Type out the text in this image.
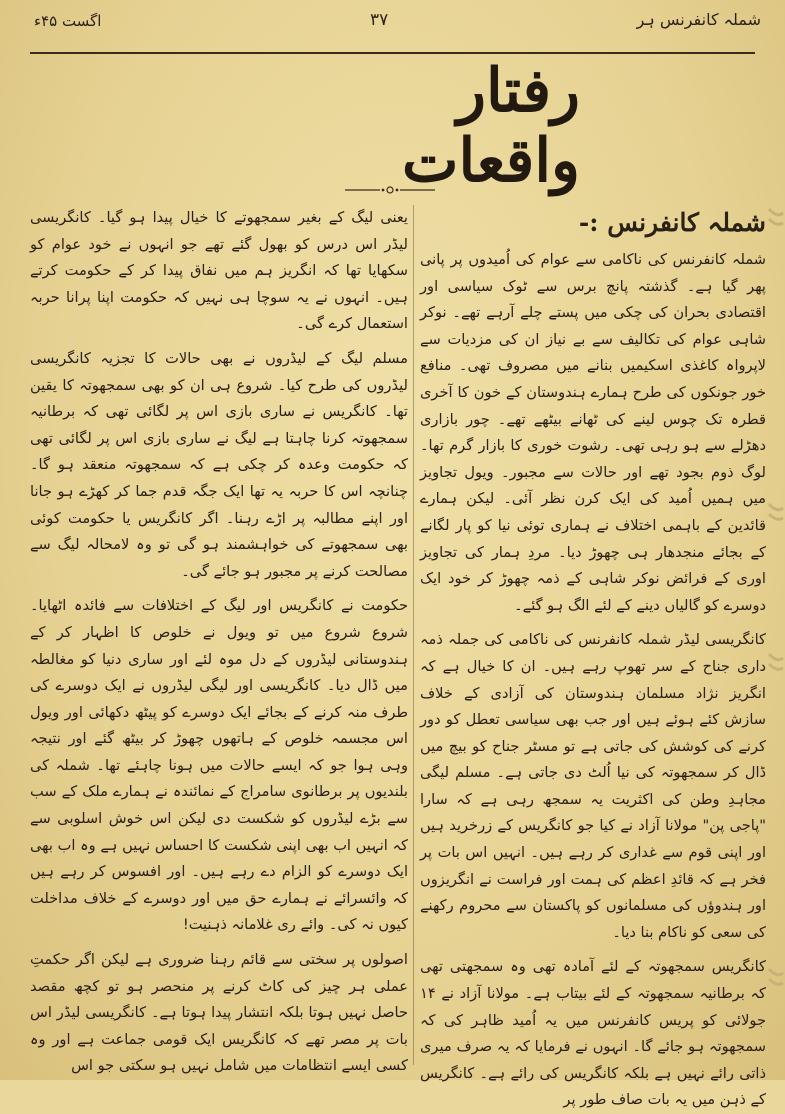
شملہ کانفرنس ہر
۳۷
اگست ۴۵ء
رفتار واقعات
شملہ کانفرنس :-

شملہ کانفرنس کی ناکامی سے عوام کی اُمیدوں پر پانی پھر گیا ہے۔ گذشتہ پانچ برس سے ٹوک سیاسی اور اقتصادی بحران کی چکی میں پستے چلے آرہے تھے۔ نوکر شاہی عوام کی تکالیف سے بے نیاز ان کی مزدیات سے لاپرواہ کاغذی اسکیمیں بنانے میں مصروف تھی۔ منافع خور جونکوں کی طرح ہمارے ہندوستان کے خون کا آخری قطرہ تک چوس لینے کی ٹھانے بیٹھے تھے۔ چور بازاری دھڑلے سے ہو رہی تھی۔ رشوت خوری کا بازار گرم تھا۔ لوگ ذوم بجود تھے اور حالات سے مجبور۔ ویول تجاویز میں ہمیں اُمید کی ایک کرن نظر آئی۔ لیکن ہمارے قائدین کے باہمی اختلاف نے ہماری توئی نیا کو پار لگانے کے بجائے منجدھار ہی چھوڑ دیا۔ مردِ ہمار کی تجاویز اوری کے فرائض نوکر شاہی کے ذمہ چھوڑ کر خود ایک دوسرے کو گالیاں دینے کے لئے الگ ہو گئے۔

کانگریسی لیڈر شملہ کانفرنس کی ناکامی کی جملہ ذمہ داری جناح کے سر تھوپ رہے ہیں۔ ان کا خیال ہے کہ انگریز نژاد مسلمان ہندوستان کی آزادی کے خلاف سازش کئے ہوئے ہیں اور جب بھی سیاسی تعطل کو دور کرنے کی کوشش کی جاتی ہے تو مسٹر جناح کو بیچ میں ڈال کر سمجھوتہ کی نیا اُلٹ دی جاتی ہے۔ مسلم لیگی مجاہدِ وطن کی اکثریت یہ سمجھ رہی ہے کہ سارا "پاجی پن" مولانا آزاد نے کیا جو کانگریس کے زرخرید ہیں اور اپنی قوم سے غداری کر رہے ہیں۔ انہیں اس بات پر فخر ہے کہ قائدِ اعظم کی ہمت اور فراست نے انگریزوں اور ہندوؤں کی مسلمانوں کو پاکستان سے محروم رکھنے کی سعی کو ناکام بنا دیا۔

کانگریس سمجھوتہ کے لئے آمادہ تھی وہ سمجھتی تھی کہ برطانیہ سمجھوتہ کے لئے بیتاب ہے۔ مولانا آزاد نے ۱۴ جولائی کو پریس کانفرنس میں یہ اُمید ظاہر کی کہ سمجھوتہ ہو جائے گا۔ انہوں نے فرمایا کہ یہ صرف میری ذاتی رائے نہیں ہے بلکہ کانگریس کی رائے ہے۔ کانگریس کے ذہن میں یہ بات صاف طور پر

یعنی لیگ کے بغیر سمجھوتے کا خیال پیدا ہو گیا۔ کانگریسی لیڈر اس درس کو بھول گئے تھے جو انہوں نے خود عوام کو سکھایا تھا کہ انگریز ہم میں نفاق پیدا کر کے حکومت کرتے ہیں۔ انہوں نے یہ سوچا ہی نہیں کہ حکومت اپنا پرانا حربہ استعمال کرے گی۔

مسلم لیگ کے لیڈروں نے بھی حالات کا تجزیہ کانگریسی لیڈروں کی طرح کیا۔ شروع ہی ان کو بھی سمجھوتہ کا یقین تھا۔ کانگریس نے ساری بازی اس پر لگائی تھی کہ برطانیہ سمجھوتہ کرنا چاہتا ہے لیگ نے ساری بازی اس پر لگائی تھی کہ حکومت وعدہ کر چکی ہے کہ سمجھوتہ منعقد ہو گا۔ چنانچہ اس کا حربہ یہ تھا ایک جگہ قدم جما کر کھڑے ہو جانا اور اپنے مطالبہ پر اڑے رہنا۔ اگر کانگریس یا حکومت کوئی بھی سمجھوتے کی خواہشمند ہو گی تو وہ لامحالہ لیگ سے مصالحت کرنے پر مجبور ہو جائے گی۔

حکومت نے کانگریس اور لیگ کے اختلافات سے فائدہ اٹھایا۔ شروع شروع میں تو ویول نے خلوص کا اظہار کر کے ہندوستانی لیڈروں کے دل موہ لئے اور ساری دنیا کو مغالطہ میں ڈال دیا۔ کانگریسی اور لیگی لیڈروں نے ایک دوسرے کی طرف منہ کرنے کے بجائے ایک دوسرے کو پیٹھ دکھائی اور ویول اس مجسمہ خلوص کے ہاتھوں چھوڑ کر بیٹھ گئے اور نتیجہ وہی ہوا جو کہ ایسے حالات میں ہونا چاہئے تھا۔ شملہ کی بلندیوں پر برطانوی سامراج کے نمائندہ نے ہمارے ملک کے سب سے بڑے لیڈروں کو شکست دی لیکن اس خوش اسلوبی سے کہ انہیں اب بھی اپنی شکست کا احساس نہیں ہے وہ اب بھی ایک دوسرے کو الزام دے رہے ہیں۔ اور افسوس کر رہے ہیں کہ وائسرائے نے ہمارے حق میں اور دوسرے کے خلاف مداخلت کیوں نہ کی۔ وائے ری غلامانہ ذہنیت!

اصولوں پر سختی سے قائم رہنا ضروری ہے لیکن اگر حکمتِ عملی ہر چیز کی کاٹ کرنے پر منحصر ہو تو کچھ مقصد حاصل نہیں ہوتا بلکہ انتشار پیدا ہوتا ہے۔ کانگریسی لیڈر اس بات پر مصر تھے کہ کانگریس ایک قومی جماعت ہے اور وہ کسی ایسے انتظامات میں شامل نہیں ہو سکتی جو اس
